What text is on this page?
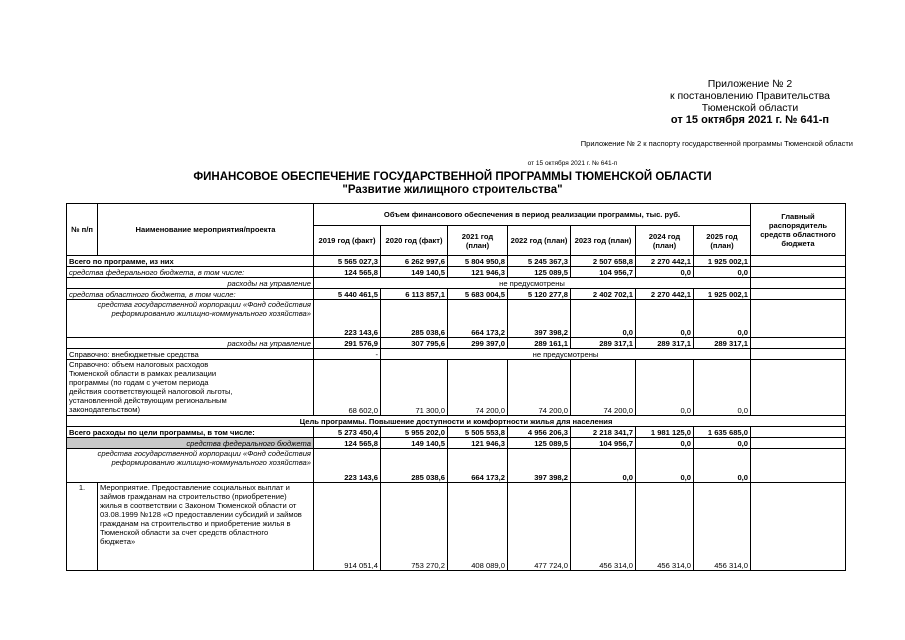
Приложение № 2
к постановлению Правительства
Тюменской области
от 15 октября 2021 г. № 641-п
Приложение № 2 к паспорту государственной программы Тюменской области
от 15 октября 2021 г. № 641-п
ФИНАНСОВОЕ ОБЕСПЕЧЕНИЕ ГОСУДАРСТВЕННОЙ ПРОГРАММЫ ТЮМЕНСКОЙ ОБЛАСТИ
"Развитие жилищного строительства"
№ п/п	Наименование мероприятия/проекта	Объем финансового обеспечения в период реализации программы, тыс. руб.							Главный распорядитель средств областного бюджета
		2019 год (факт)	2020 год (факт)	2021 год (план)	2022 год (план)	2023 год (план)	2024 год (план)	2025 год (план)	
Всего по программе, из них		5 565 027,3	6 262 997,6	5 804 950,8	5 245 367,3	2 507 658,8	2 270 442,1	1 925 002,1	
средства федерального бюджета, в том числе:		124 565,8	149 140,5	121 946,3	125 089,5	104 956,7	0,0	0,0	
расходы на управление		не предусмотрены							
средства областного бюджета, в том числе:		5 440 461,5	6 113 857,1	5 683 004,5	5 120 277,8	2 402 702,1	2 270 442,1	1 925 002,1	
средства государственной корпорации «Фонд содействия реформированию жилищно-коммунального хозяйства»		223 143,6	285 038,6	664 173,2	397 398,2	0,0	0,0	0,0	
расходы на управление		291 576,9	307 795,6	299 397,0	289 161,1	289 317,1	289 317,1	289 317,1	
Справочно: внебюджетные средства		-	не предусмотрены						
Справочно: объем налоговых расходов Тюменской области в рамках реализации программы (по годам с учетом периода действия соответствующей налоговой льготы, установленной действующим региональным законодательством)		68 602,0	71 300,0	74 200,0	74 200,0	74 200,0	0,0	0,0	
Цель программы. Повышение доступности и комфортности жилья для населения									
Всего расходы по цели программы, в том числе:		5 273 450,4	5 955 202,0	5 505 553,8	4 956 206,3	2 218 341,7	1 981 125,0	1 635 685,0	
средства федерального бюджета		124 565,8	149 140,5	121 946,3	125 089,5	104 956,7	0,0	0,0	
средства государственной корпорации «Фонд содействия реформированию жилищно-коммунального хозяйства»		223 143,6	285 038,6	664 173,2	397 398,2	0,0	0,0	0,0	
1.	Мероприятие. Предоставление социальных выплат и займов гражданам на строительство (приобретение) жилья в соответствии с Законом Тюменской области от 03.08.1999 №128 «О предоставлении субсидий и займов гражданам на строительство и приобретение жилья в Тюменской области за счет средств областного бюджета»	914 051,4	753 270,2	408 089,0	477 724,0	456 314,0	456 314,0	456 314,0	
